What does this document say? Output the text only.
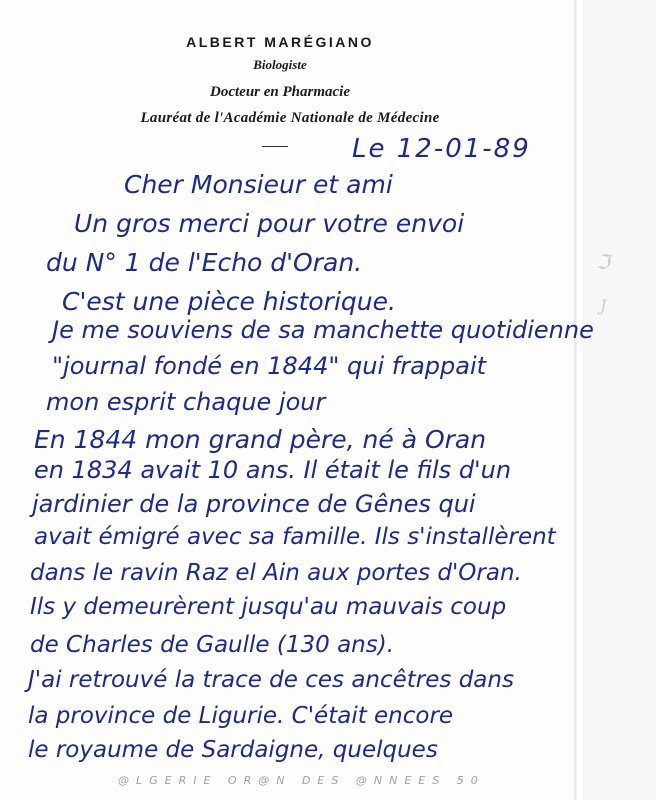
ℑ
Ϳ
ALBERT MARÉGIANO
Biologiste
Docteur en Pharmacie
Lauréat de l'Académie Nationale de Médecine
Le 12-01-89
Cher Monsieur et ami
Un gros merci pour votre envoi
du N° 1 de l'Echo d'Oran.
C'est une pièce historique.
Je me souviens de sa manchette quotidienne
"journal fondé en 1844" qui frappait
mon esprit chaque jour
En 1844 mon grand père, né à Oran
en 1834 avait 10 ans. Il était le fils d'un
jardinier de la province de Gênes qui
avait émigré avec sa famille. Ils s'installèrent
dans le ravin Raz el Ain aux portes d'Oran.
Ils y demeurèrent jusqu'au mauvais coup
de Charles de Gaulle (130 ans).
J'ai retrouvé la trace de ces ancêtres dans
la province de Ligurie. C'était encore
le royaume de Sardaigne, quelques
@LGERIE OR@N DES @NNEES 50
